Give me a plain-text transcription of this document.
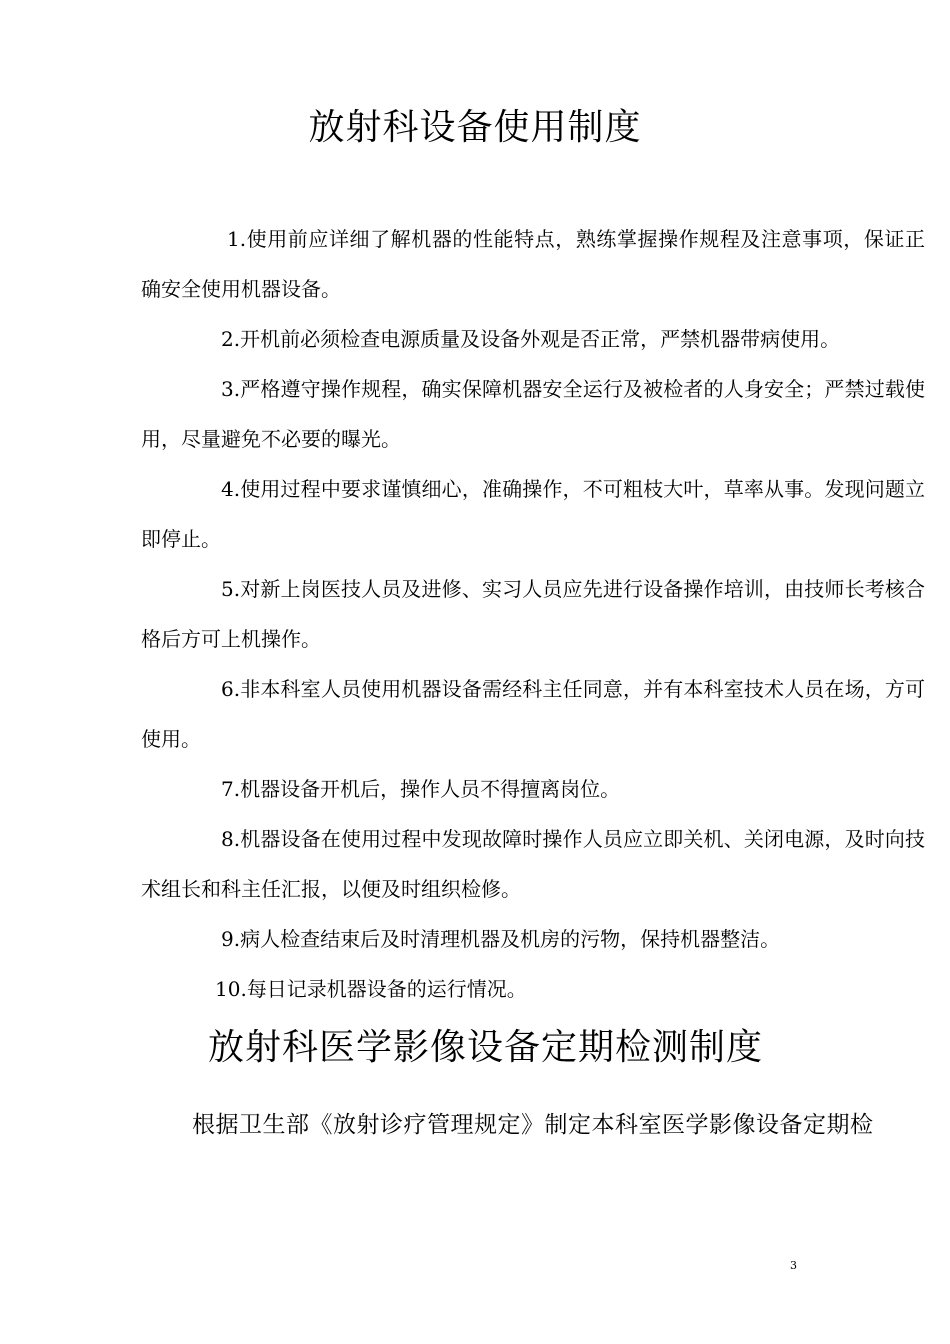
放射科设备使用制度

1.使用前应详细了解机器的性能特点，熟练掌握操作规程及注意事项，保证正确安全使用机器设备。

2.开机前必须检查电源质量及设备外观是否正常，严禁机器带病使用。

3.严格遵守操作规程，确实保障机器安全运行及被检者的人身安全；严禁过载使用，尽量避免不必要的曝光。

4.使用过程中要求谨慎细心，准确操作，不可粗枝大叶，草率从事。发现问题立即停止。

5.对新上岗医技人员及进修、实习人员应先进行设备操作培训，由技师长考核合格后方可上机操作。

6.非本科室人员使用机器设备需经科主任同意，并有本科室技术人员在场，方可使用。

7.机器设备开机后，操作人员不得擅离岗位。

8.机器设备在使用过程中发现故障时操作人员应立即关机、关闭电源，及时向技术组长和科主任汇报，以便及时组织检修。

9.病人检查结束后及时清理机器及机房的污物，保持机器整洁。

10.每日记录机器设备的运行情况。

放射科医学影像设备定期检测制度
根据卫生部《放射诊疗管理规定》制定本科室医学影像设备定期检
3
